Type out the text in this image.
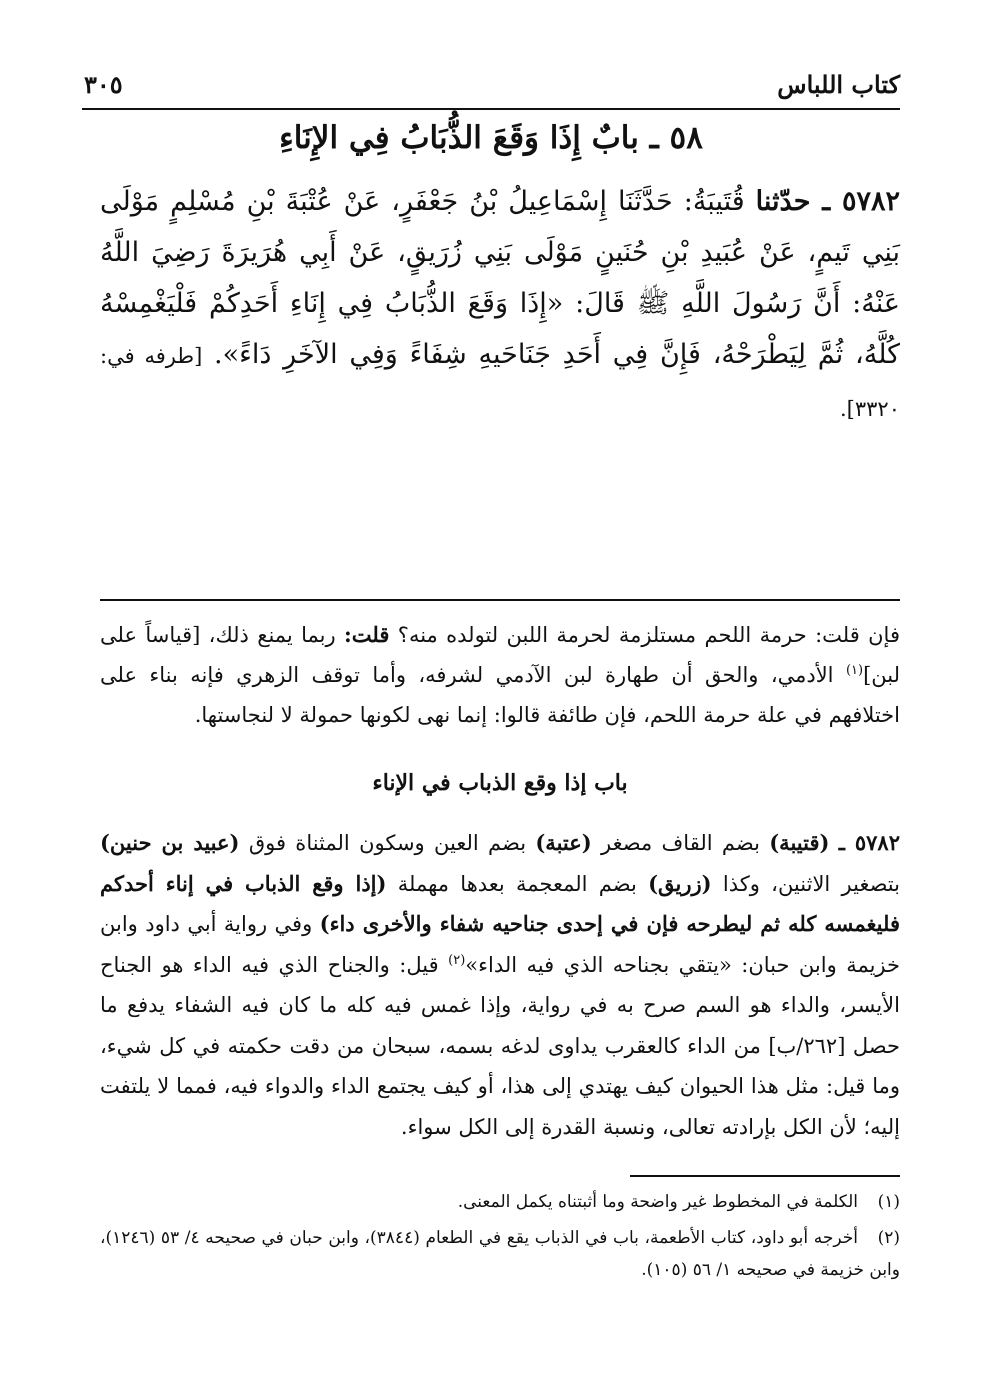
كتاب اللباس
٣٠٥
٥٨ ـ بابٌ إِذَا وَقَعَ الذُّبَابُ فِي الإِنَاءِ
٥٧٨٢ ـ حدّثنا قُتَيبَةُ: حَدَّثَنَا إِسْمَاعِيلُ بْنُ جَعْفَرٍ، عَنْ عُتْبَةَ بْنِ مُسْلِمٍ مَوْلَى بَنِي تَيمٍ، عَنْ عُبَيدِ بْنِ حُنَينٍ مَوْلَى بَنِي زُرَيقٍ، عَنْ أَبِي هُرَيرَةَ رَضِيَ اللَّهُ عَنْهُ: أَنَّ رَسُولَ اللَّهِ ﷺ قَالَ: «إِذَا وَقَعَ الذُّبَابُ فِي إِنَاءِ أَحَدِكُمْ فَلْيَغْمِسْهُ كُلَّهُ، ثُمَّ لِيَطْرَحْهُ، فَإِنَّ فِي أَحَدِ جَنَاحَيهِ شِفَاءً وَفِي الآخَرِ دَاءً». [طرفه في: ٣٣٢٠].
فإن قلت: حرمة اللحم مستلزمة لحرمة اللبن لتولده منه؟ قلت: ربما يمنع ذلك، [قياساً على لبن]$^{(١)}$ الأدمي، والحق أن طهارة لبن الآدمي لشرفه، وأما توقف الزهري فإنه بناء على اختلافهم في علة حرمة اللحم، فإن طائفة قالوا: إنما نهى لكونها حمولة لا لنجاستها.
باب إذا وقع الذباب في الإناء
٥٧٨٢ ـ (قتيبة) بضم القاف مصغر (عتبة) بضم العين وسكون المثناة فوق (عبيد بن حنين) بتصغير الاثنين، وكذا (زريق) بضم المعجمة بعدها مهملة (إذا وقع الذباب في إناء أحدكم فليغمسه كله ثم ليطرحه فإن في إحدى جناحيه شفاء والأخرى داء) وفي رواية أبي داود وابن خزيمة وابن حبان: «يتقي بجناحه الذي فيه الداء»$^{(٢)}$ قيل: والجناح الذي فيه الداء هو الجناح الأيسر، والداء هو السم صرح به في رواية، وإذا غمس فيه كله ما كان فيه الشفاء يدفع ما حصل [٢٦٢/ب] من الداء كالعقرب يداوى لدغه بسمه، سبحان من دقت حكمته في كل شيء، وما قيل: مثل هذا الحيوان كيف يهتدي إلى هذا، أو كيف يجتمع الداء والدواء فيه، فمما لا يلتفت إليه؛ لأن الكل بإرادته تعالى، ونسبة القدرة إلى الكل سواء.
(١)الكلمة في المخطوط غير واضحة وما أثبتناه يكمل المعنى.
(٢)أخرجه أبو داود، كتاب الأطعمة، باب في الذباب يقع في الطعام (٣٨٤٤)، وابن حبان في صحيحه ٤/ ٥٣ (١٢٤٦)، وابن خزيمة في صحيحه ١/ ٥٦ (١٠٥).
